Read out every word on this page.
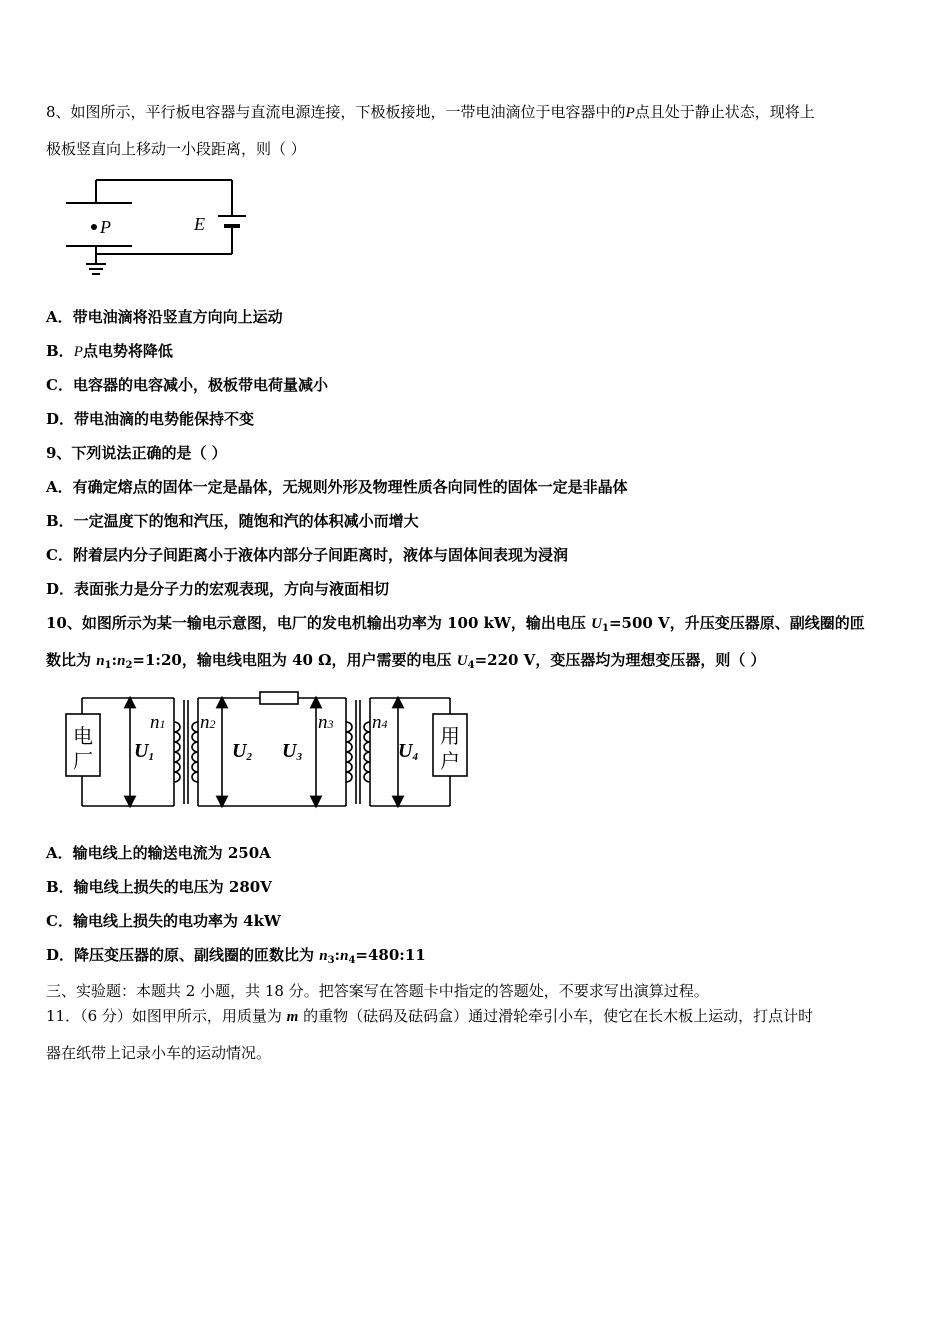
8、如图所示，平行板电容器与直流电源连接，下极板接地，一带电油滴位于电容器中的P点且处于静止状态，现将上
极板竖直向上移动一小段距离，则（ ）
P	E
A．带电油滴将沿竖直方向向上运动
B．P点电势将降低
C．电容器的电容减小，极板带电荷量减小
D．带电油滴的电势能保持不变
9、下列说法正确的是（ ）
A．有确定熔点的固体一定是晶体，无规则外形及物理性质各向同性的固体一定是非晶体
B．一定温度下的饱和汽压，随饱和汽的体积减小而增大
C．附着层内分子间距离小于液体内部分子间距离时，液体与固体间表现为浸润
D．表面张力是分子力的宏观表现，方向与液面相切
10、如图所示为某一输电示意图，电厂的发电机输出功率为 100 kW，输出电压 $U_1=500$ V，升压变压器原、副线圈的匝
数比为 $n_1:n_2=1:20$，输电线电阻为 40 Ω，用户需要的电压 $U_4=220$ V，变压器均为理想变压器，则（ ）
电
厂
用
户
U1	U2 U3	U4
n1 n2	n3 n4
A．输电线上的输送电流为 250A
B．输电线上损失的电压为 280V
C．输电线上损失的电功率为 4kW
D．降压变压器的原、副线圈的匝数比为 $n_3:n_4=480:11$
三、实验题：本题共 2 小题，共 18 分。把答案写在答题卡中指定的答题处，不要求写出演算过程。
11．（6 分）如图甲所示，用质量为 m 的重物（砝码及砝码盒）通过滑轮牵引小车，使它在长木板上运动，打点计时
器在纸带上记录小车的运动情况。
